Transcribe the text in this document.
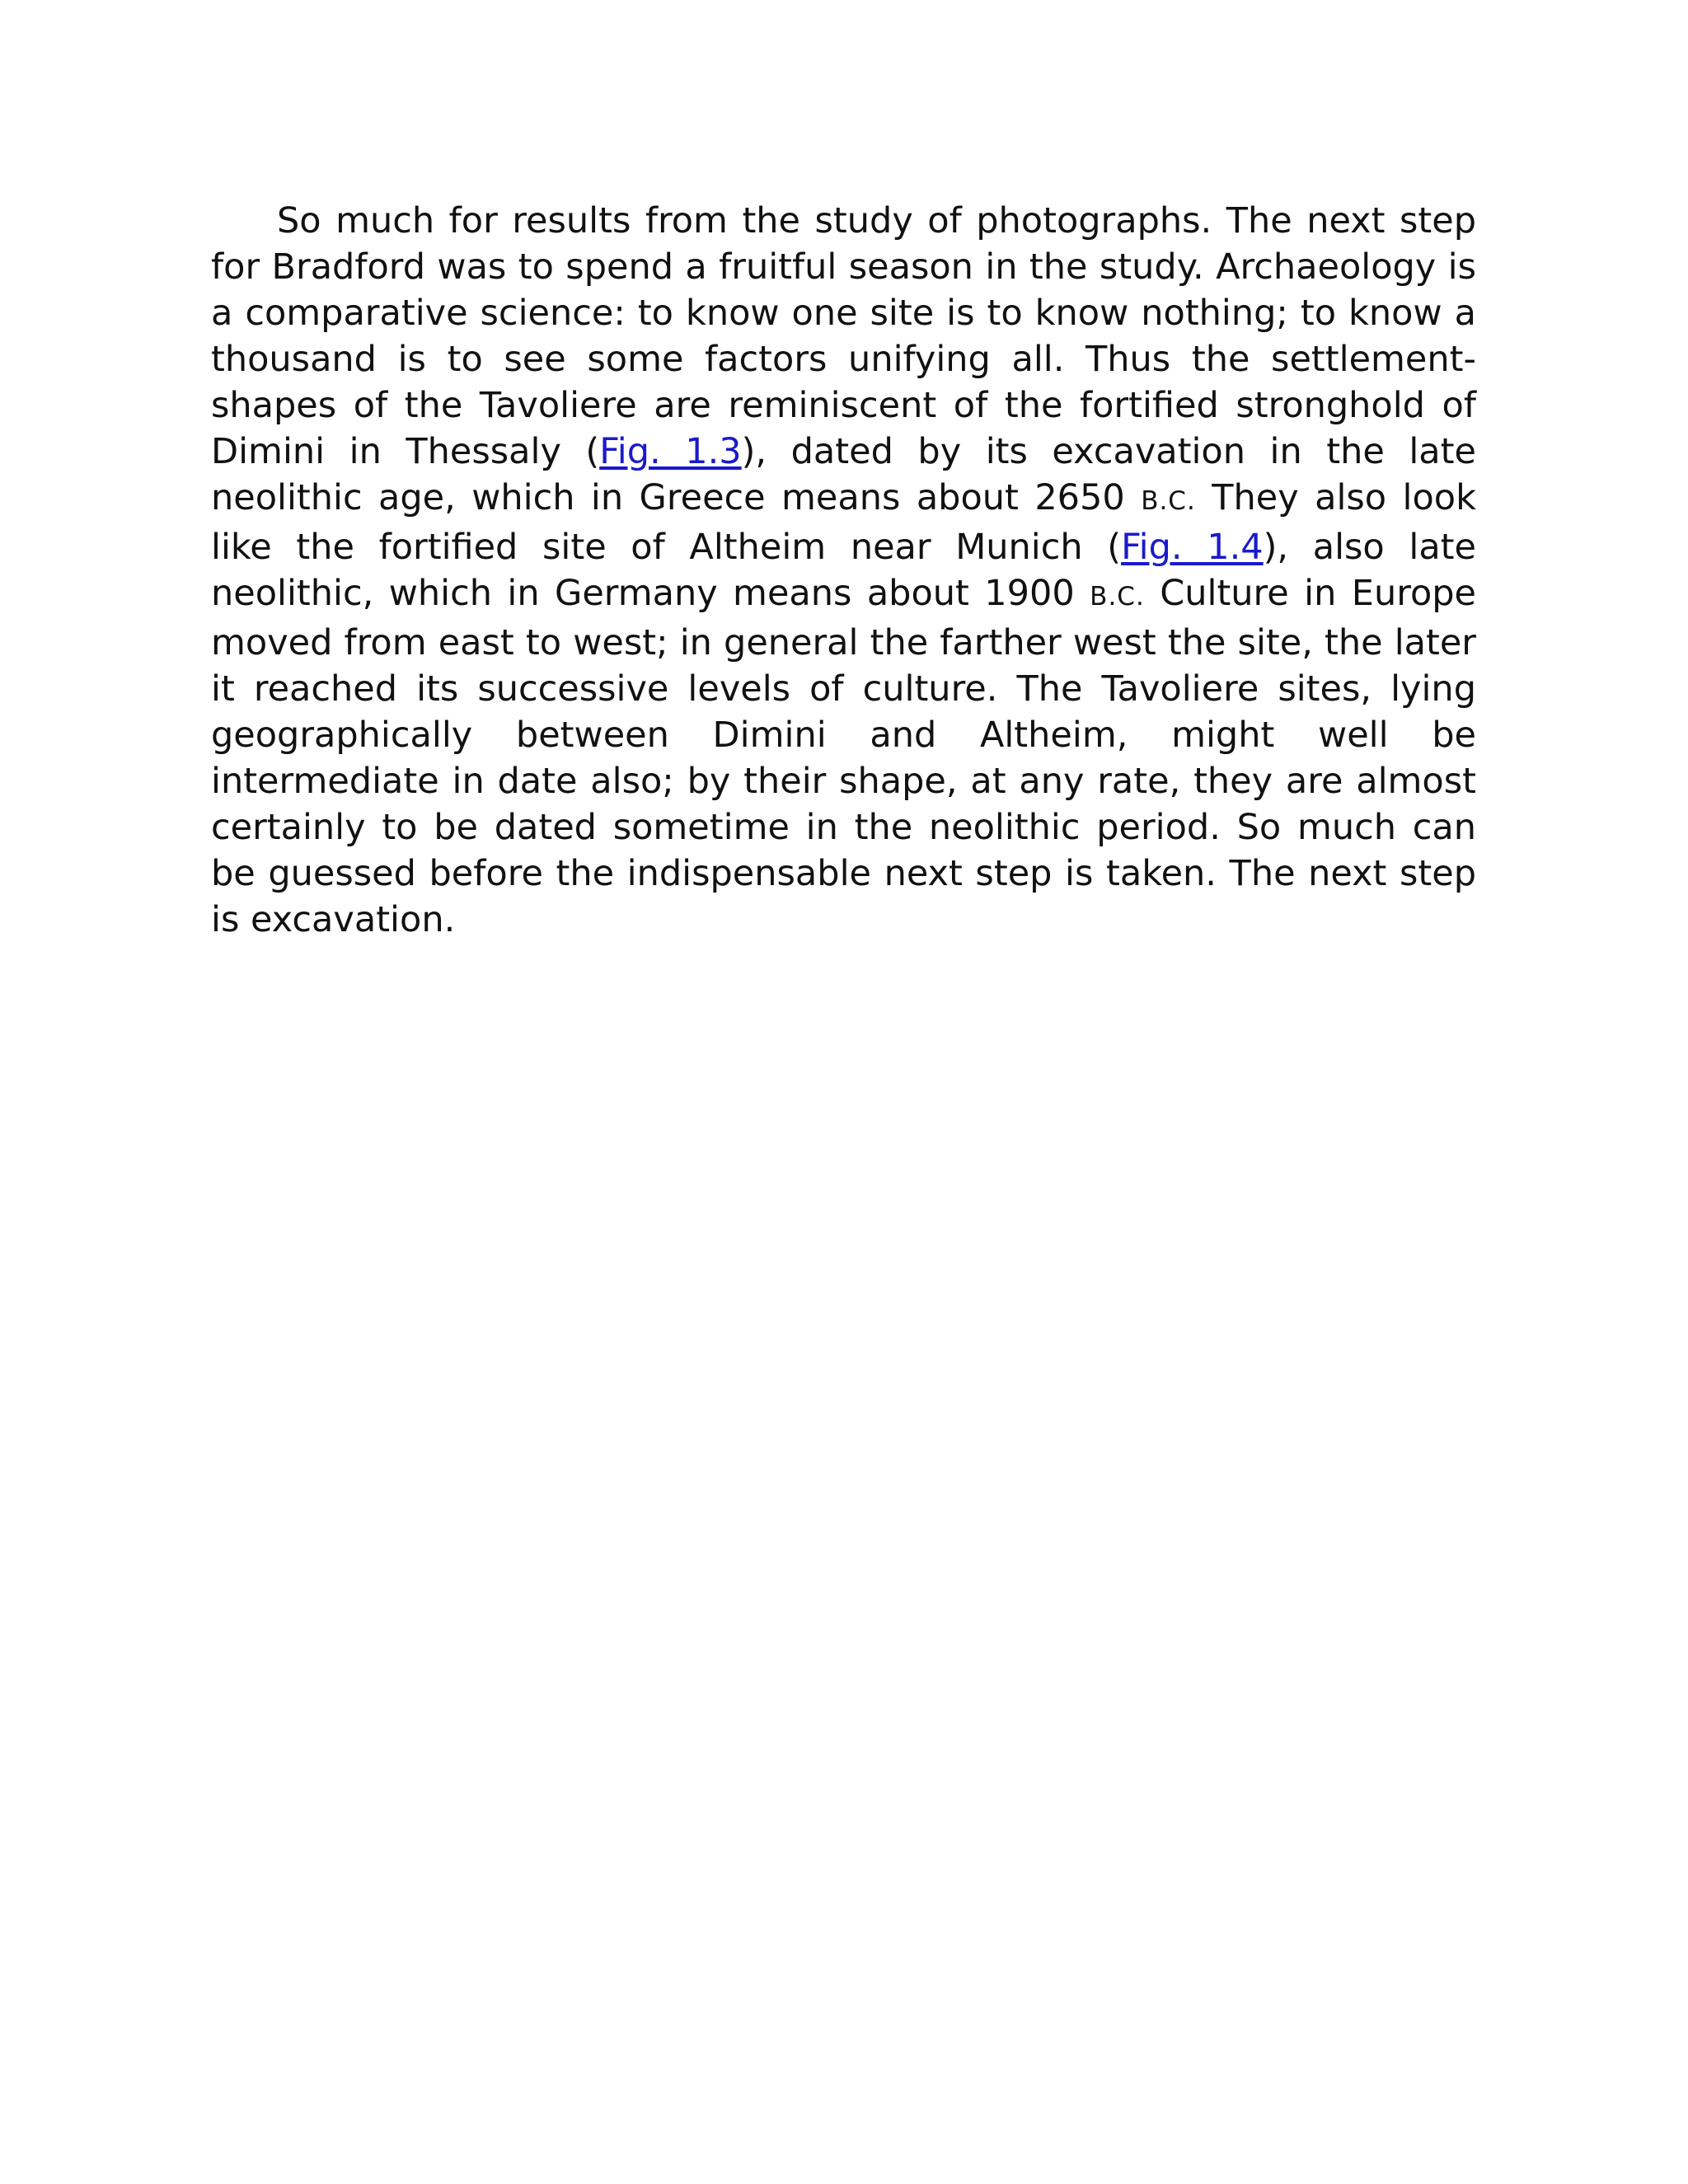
So much for results from the study of photographs. The next step for Bradford was to spend a fruitful season in the study. Archaeology is a comparative science: to know one site is to know nothing; to know a thousand is to see some factors unifying all. Thus the settlement-shapes of the Tavoliere are reminiscent of the fortified stronghold of Dimini in Thessaly (Fig. 1.3), dated by its excavation in the late neolithic age, which in Greece means about 2650 B.C. They also look like the fortified site of Altheim near Munich (Fig. 1.4), also late neolithic, which in Germany means about 1900 B.C. Culture in Europe moved from east to west; in general the farther west the site, the later it reached its successive levels of culture. The Tavoliere sites, lying geographically between Dimini and Altheim, might well be intermediate in date also; by their shape, at any rate, they are almost certainly to be dated sometime in the neolithic period. So much can be guessed before the indispensable next step is taken. The next step is excavation.
